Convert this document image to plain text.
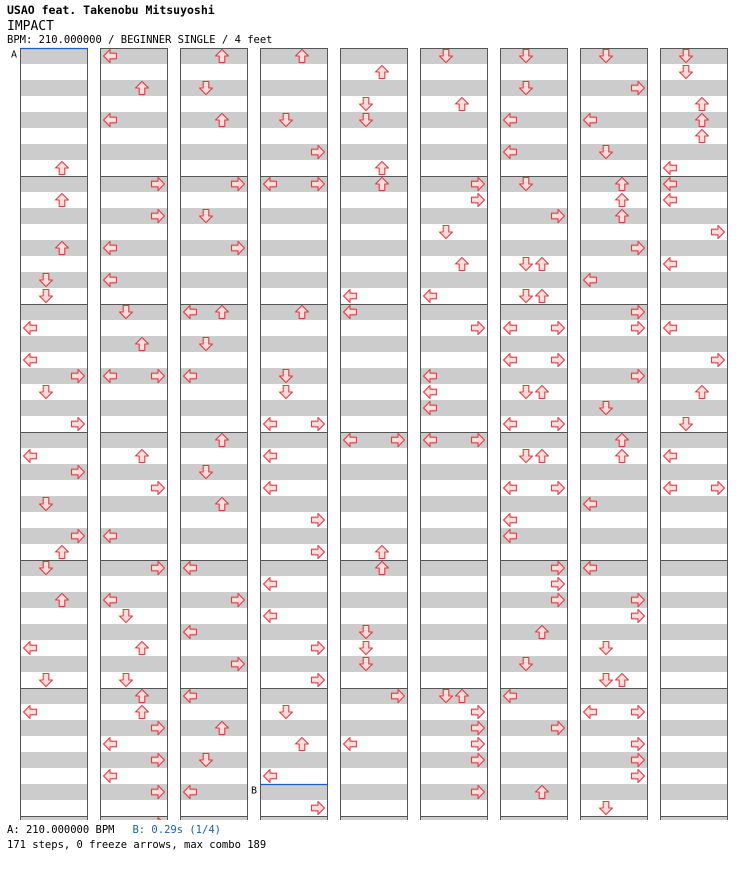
USAO feat. Takenobu Mitsuyoshi
IMPACT
BPM: 210.000000 / BEGINNER SINGLE / 4 feet
A
B
A: 210.000000 BPM B: 0.29s (1/4)
171 steps, 0 freeze arrows, max combo 189
